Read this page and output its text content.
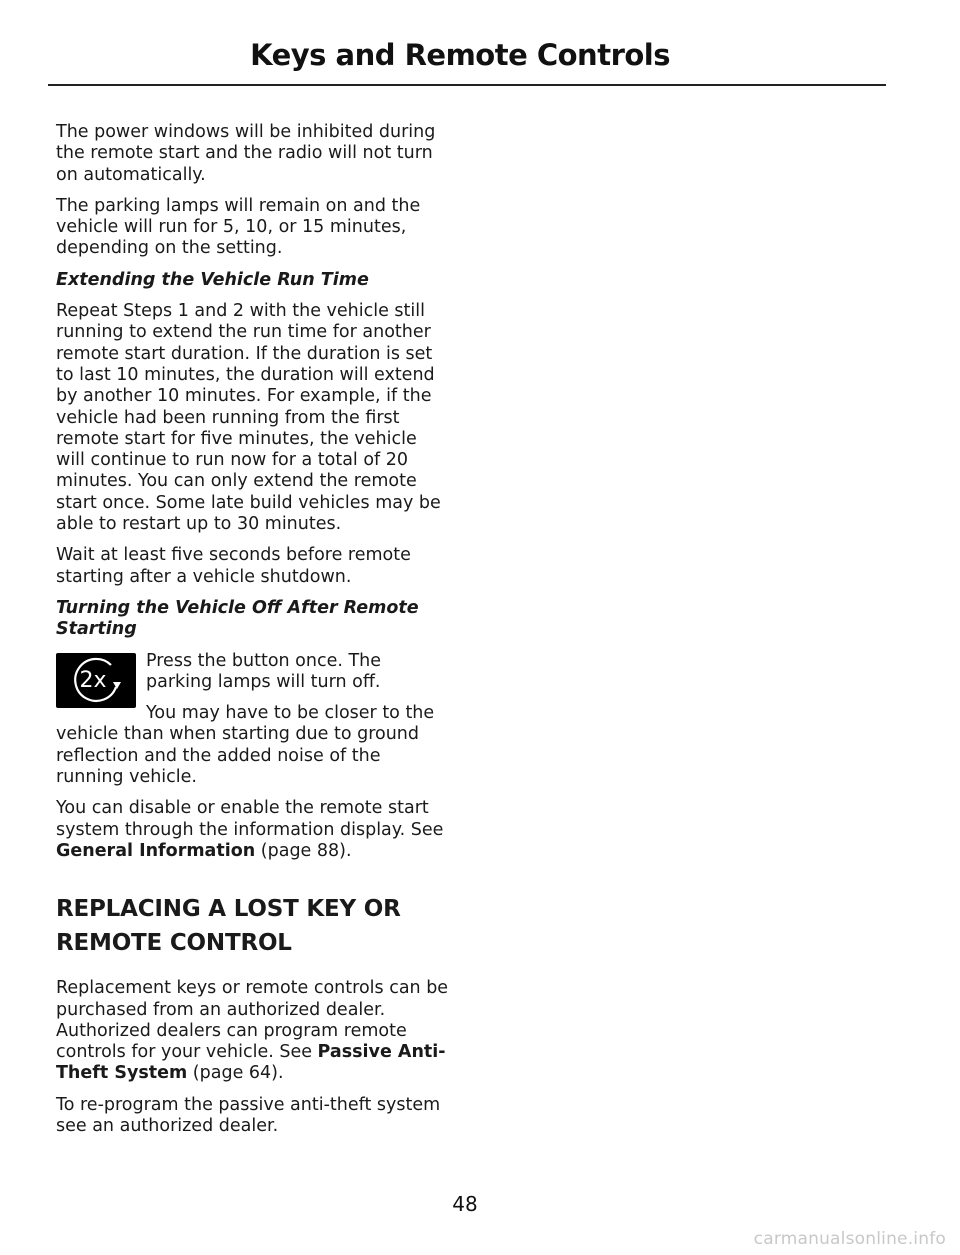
Keys and Remote Controls

The power windows will be inhibited during the remote start and the radio will not turn on automatically.

The parking lamps will remain on and the vehicle will run for 5, 10, or 15 minutes, depending on the setting.

Extending the Vehicle Run Time

Repeat Steps 1 and 2 with the vehicle still running to extend the run time for another remote start duration. If the duration is set to last 10 minutes, the duration will extend by another 10 minutes. For example, if the vehicle had been running from the first remote start for five minutes, the vehicle will continue to run now for a total of 20 minutes. You can only extend the remote start once. Some late build vehicles may be able to restart up to 30 minutes.

Wait at least five seconds before remote starting after a vehicle shutdown.

Turning the Vehicle Off After Remote Starting
2x

Press the button once. The parking lamps will turn off.

You may have to be closer to the vehicle than when starting due to ground reflection and the added noise of the running vehicle.

You can disable or enable the remote start system through the information display. See General Information (page 88).

REPLACING A LOST KEY OR
REMOTE CONTROL

Replacement keys or remote controls can be purchased from an authorized dealer. Authorized dealers can program remote controls for your vehicle. See Passive Anti-Theft System (page 64).

To re-program the passive anti-theft system see an authorized dealer.

48
carmanualsonline.info
